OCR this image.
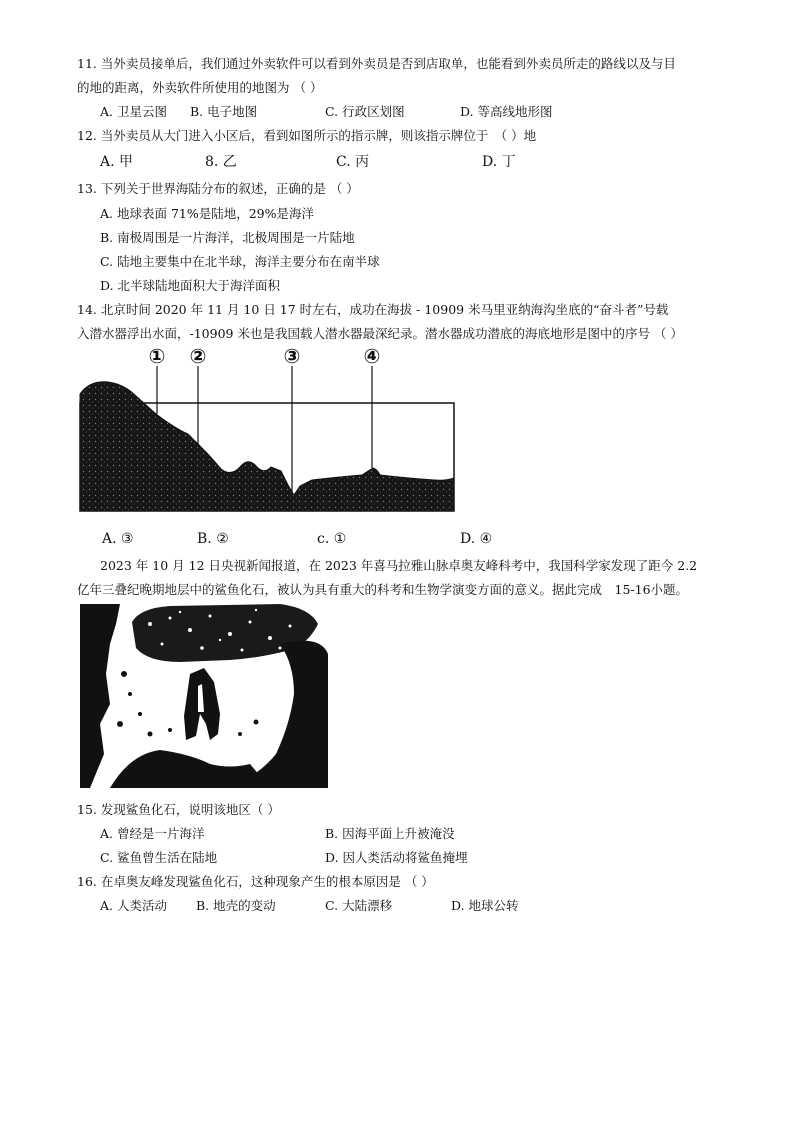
11. 当外卖员接单后，我们通过外卖软件可以看到外卖员是否到店取单，也能看到外卖员所走的路线以及与目
的地的距离，外卖软件所使用的地图为 （ ）
A. 卫星云图 B. 电子地图	C. 行政区划图	D. 等高线地形图
12. 当外卖员从大门进入小区后，看到如图所示的指示牌，则该指示牌位于　（ ）地
A. 甲	8. 乙	C. 丙	D. 丁
13. 下列关于世界海陆分布的叙述，正确的是 （ ）
A. 地球表面 71%是陆地，29%是海洋
B. 南极周围是一片海洋，北极周围是一片陆地
C. 陆地主要集中在北半球，海洋主要分布在南半球
D. 北半球陆地面积大于海洋面积
14. 北京时间 2020 年 11 月 10 日 17 时左右，成功在海拔 - 10909 米马里亚纳海沟坐底的“奋斗者”号载
入潜水器浮出水面，-10909 米也是我国载人潜水器最深纪录。潜水器成功潜底的海底地形是图中的序号 （ ）
① ②	③	④
A. ③	B. ②	c. ①	D. ④
2023 年 10 月 12 日央视新闻报道，在 2023 年喜马拉雅山脉卓奥友峰科考中，我国科学家发现了距今 2.2
亿年三叠纪晚期地层中的鲨鱼化石，被认为具有重大的科考和生物学演变方面的意义。据此完成　15-16小题。
15. 发现鲨鱼化石，说明该地区（ ）
A. 曾经是一片海洋	B. 因海平面上升被淹没
C. 鲨鱼曾生活在陆地	D. 因人类活动将鲨鱼掩埋
16. 在卓奥友峰发现鲨鱼化石，这种现象产生的根本原因是 （ ）
A. 人类活动 B. 地壳的变动	C. 大陆漂移	D. 地球公转
